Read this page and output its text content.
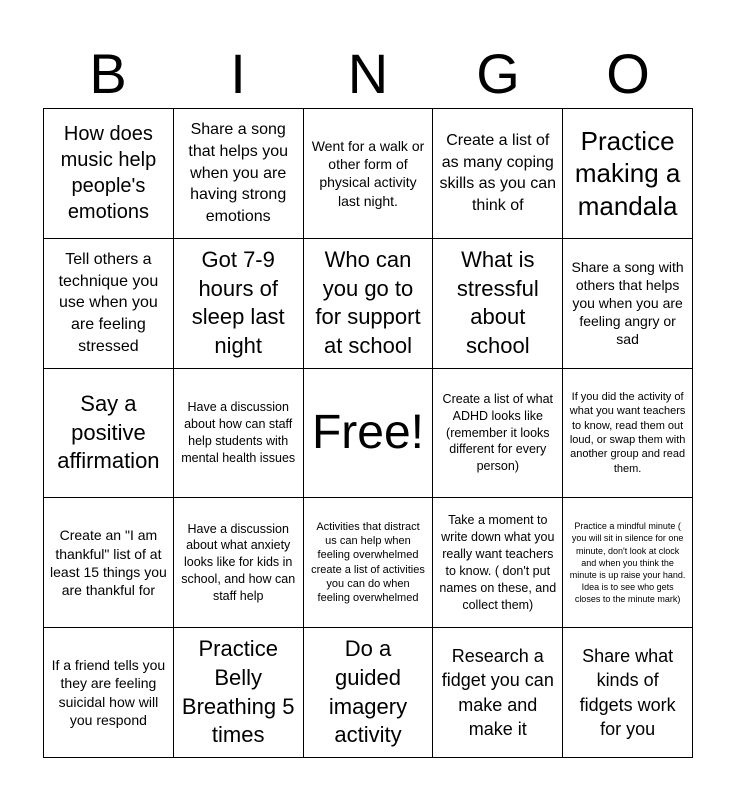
B	I	N	G	O
How does music help people's emotions
Share a song that helps you when you are having strong emotions
Went for a walk or other form of physical activity last night.
Create a list of as many coping skills as you can think of
Practice making a mandala
Tell others a technique you use when you are feeling stressed
Got 7-9 hours of sleep last night
Who can you go to for support at school
What is stressful about school
Share a song with others that helps you when you are feeling angry or sad
Say a positive affirmation
Have a discussion about how can staff help students with mental health issues Free!
Create a list of what ADHD looks like (remember it looks different for every person)
If you did the activity of what you want teachers to know, read them out loud, or swap them with another group and read them.
Create an "I am thankful" list of at least 15 things you are thankful for
Have a discussion about what anxiety looks like for kids in school, and how can staff help
Activities that distract us can help when feeling overwhelmed create a list of activities you can do when feeling overwhelmed
Take a moment to write down what you really want teachers to know. ( don't put names on these, and collect them)
Practice a mindful minute ( you will sit in silence for one minute, don't look at clock and when you think the minute is up raise your hand. Idea is to see who gets closes to the minute mark)
If a friend tells you they are feeling suicidal how will you respond
Practice Belly Breathing 5 times
Do a guided imagery activity
Research a fidget you can make and make it
Share what kinds of fidgets work for you
